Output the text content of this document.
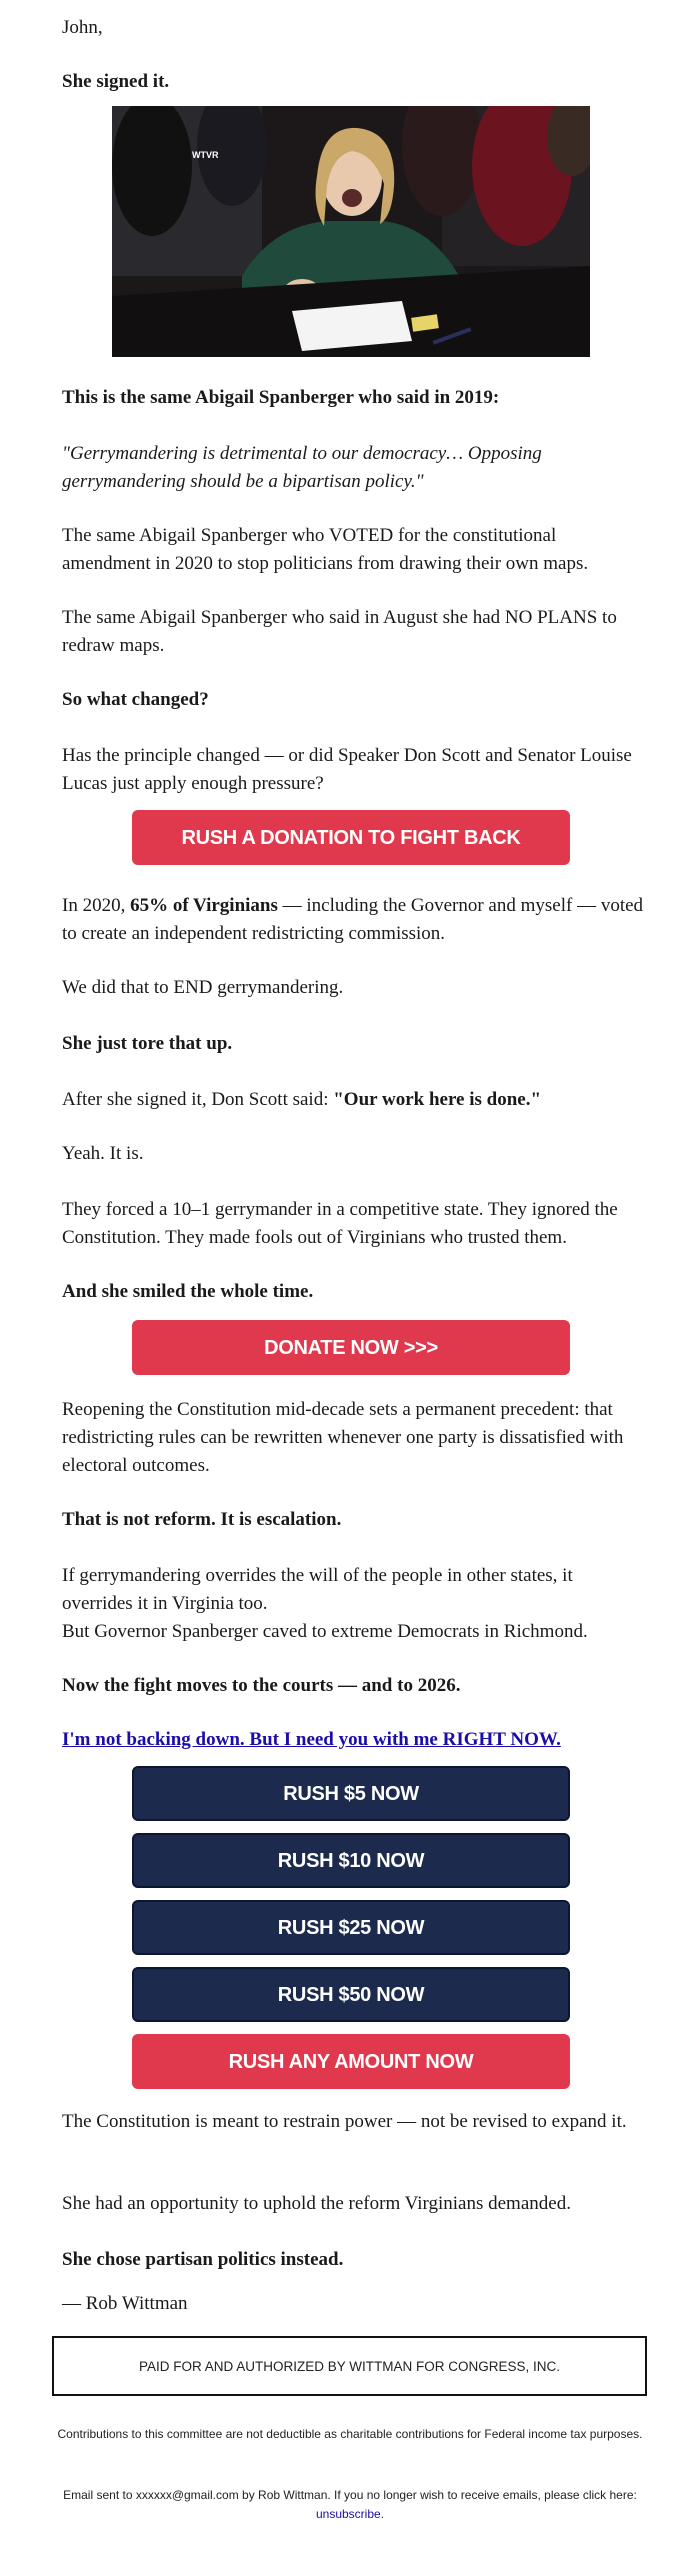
John,

She signed it.

WTVR

This is the same Abigail Spanberger who said in 2019:

"Gerrymandering is detrimental to our democracy… Opposing gerrymandering should be a bipartisan policy."

The same Abigail Spanberger who VOTED for the constitutional amendment in 2020 to stop politicians from drawing their own maps.

The same Abigail Spanberger who said in August she had NO PLANS to redraw maps.

So what changed?

Has the principle changed — or did Speaker Don Scott and Senator Louise Lucas just apply enough pressure?

RUSH A DONATION TO FIGHT BACK

In 2020, 65% of Virginians — including the Governor and myself — voted to create an independent redistricting commission.

We did that to END gerrymandering.

She just tore that up.

After she signed it, Don Scott said: "Our work here is done."

Yeah. It is.

They forced a 10–1 gerrymander in a competitive state. They ignored the Constitution. They made fools out of Virginians who trusted them.

And she smiled the whole time.

DONATE NOW >>>

Reopening the Constitution mid-decade sets a permanent precedent: that redistricting rules can be rewritten whenever one party is dissatisfied with electoral outcomes.

That is not reform. It is escalation.

If gerrymandering overrides the will of the people in other states, it overrides it in Virginia too.
But Governor Spanberger caved to extreme Democrats in Richmond.

Now the fight moves to the courts — and to 2026.

I'm not backing down. But I need you with me RIGHT NOW.

RUSH $5 NOW
RUSH $10 NOW
RUSH $25 NOW
RUSH $50 NOW
RUSH ANY AMOUNT NOW

The Constitution is meant to restrain power — not be revised to expand it.

She had an opportunity to uphold the reform Virginians demanded.

She chose partisan politics instead.

— Rob Wittman

PAID FOR AND AUTHORIZED BY WITTMAN FOR CONGRESS, INC.
Contributions to this committee are not deductible as charitable contributions for Federal income tax purposes.
Email sent to xxxxxx@gmail.com by Rob Wittman. If you no longer wish to receive emails, please click here:
unsubscribe.
